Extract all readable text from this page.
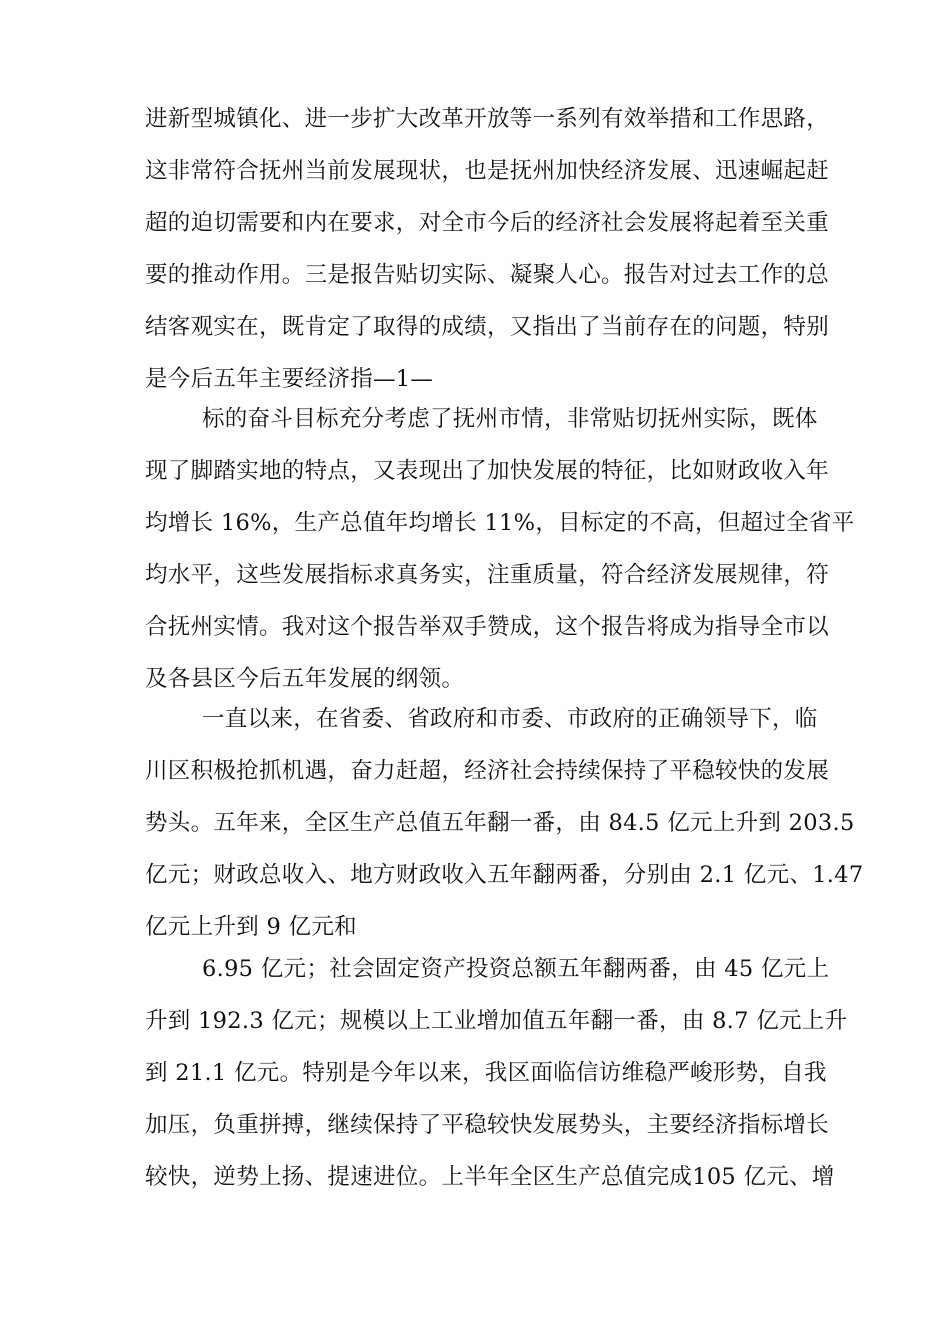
进新型城镇化、进一步扩大改革开放等一系列有效举措和工作思路，
这非常符合抚州当前发展现状，也是抚州加快经济发展、迅速崛起赶
超的迫切需要和内在要求，对全市今后的经济社会发展将起着至关重
要的推动作用。三是报告贴切实际、凝聚人心。报告对过去工作的总
结客观实在，既肯定了取得的成绩，又指出了当前存在的问题，特别
是今后五年主要经济指—1—
标的奋斗目标充分考虑了抚州市情，非常贴切抚州实际，既体
现了脚踏实地的特点，又表现出了加快发展的特征，比如财政收入年
均增长 16%，生产总值年均增长 11%，目标定的不高，但超过全省平
均水平，这些发展指标求真务实，注重质量，符合经济发展规律，符
合抚州实情。我对这个报告举双手赞成，这个报告将成为指导全市以
及各县区今后五年发展的纲领。
一直以来，在省委、省政府和市委、市政府的正确领导下，临
川区积极抢抓机遇，奋力赶超，经济社会持续保持了平稳较快的发展
势头。五年来，全区生产总值五年翻一番，由 84.5 亿元上升到 203.5
亿元；财政总收入、地方财政收入五年翻两番，分别由 2.1 亿元、1.47
亿元上升到 9 亿元和
6.95 亿元；社会固定资产投资总额五年翻两番，由 45 亿元上
升到 192.3 亿元；规模以上工业增加值五年翻一番，由 8.7 亿元上升
到 21.1 亿元。特别是今年以来，我区面临信访维稳严峻形势，自我
加压，负重拼搏，继续保持了平稳较快发展势头，主要经济指标增长
较快，逆势上扬、提速进位。上半年全区生产总值完成105 亿元、增
